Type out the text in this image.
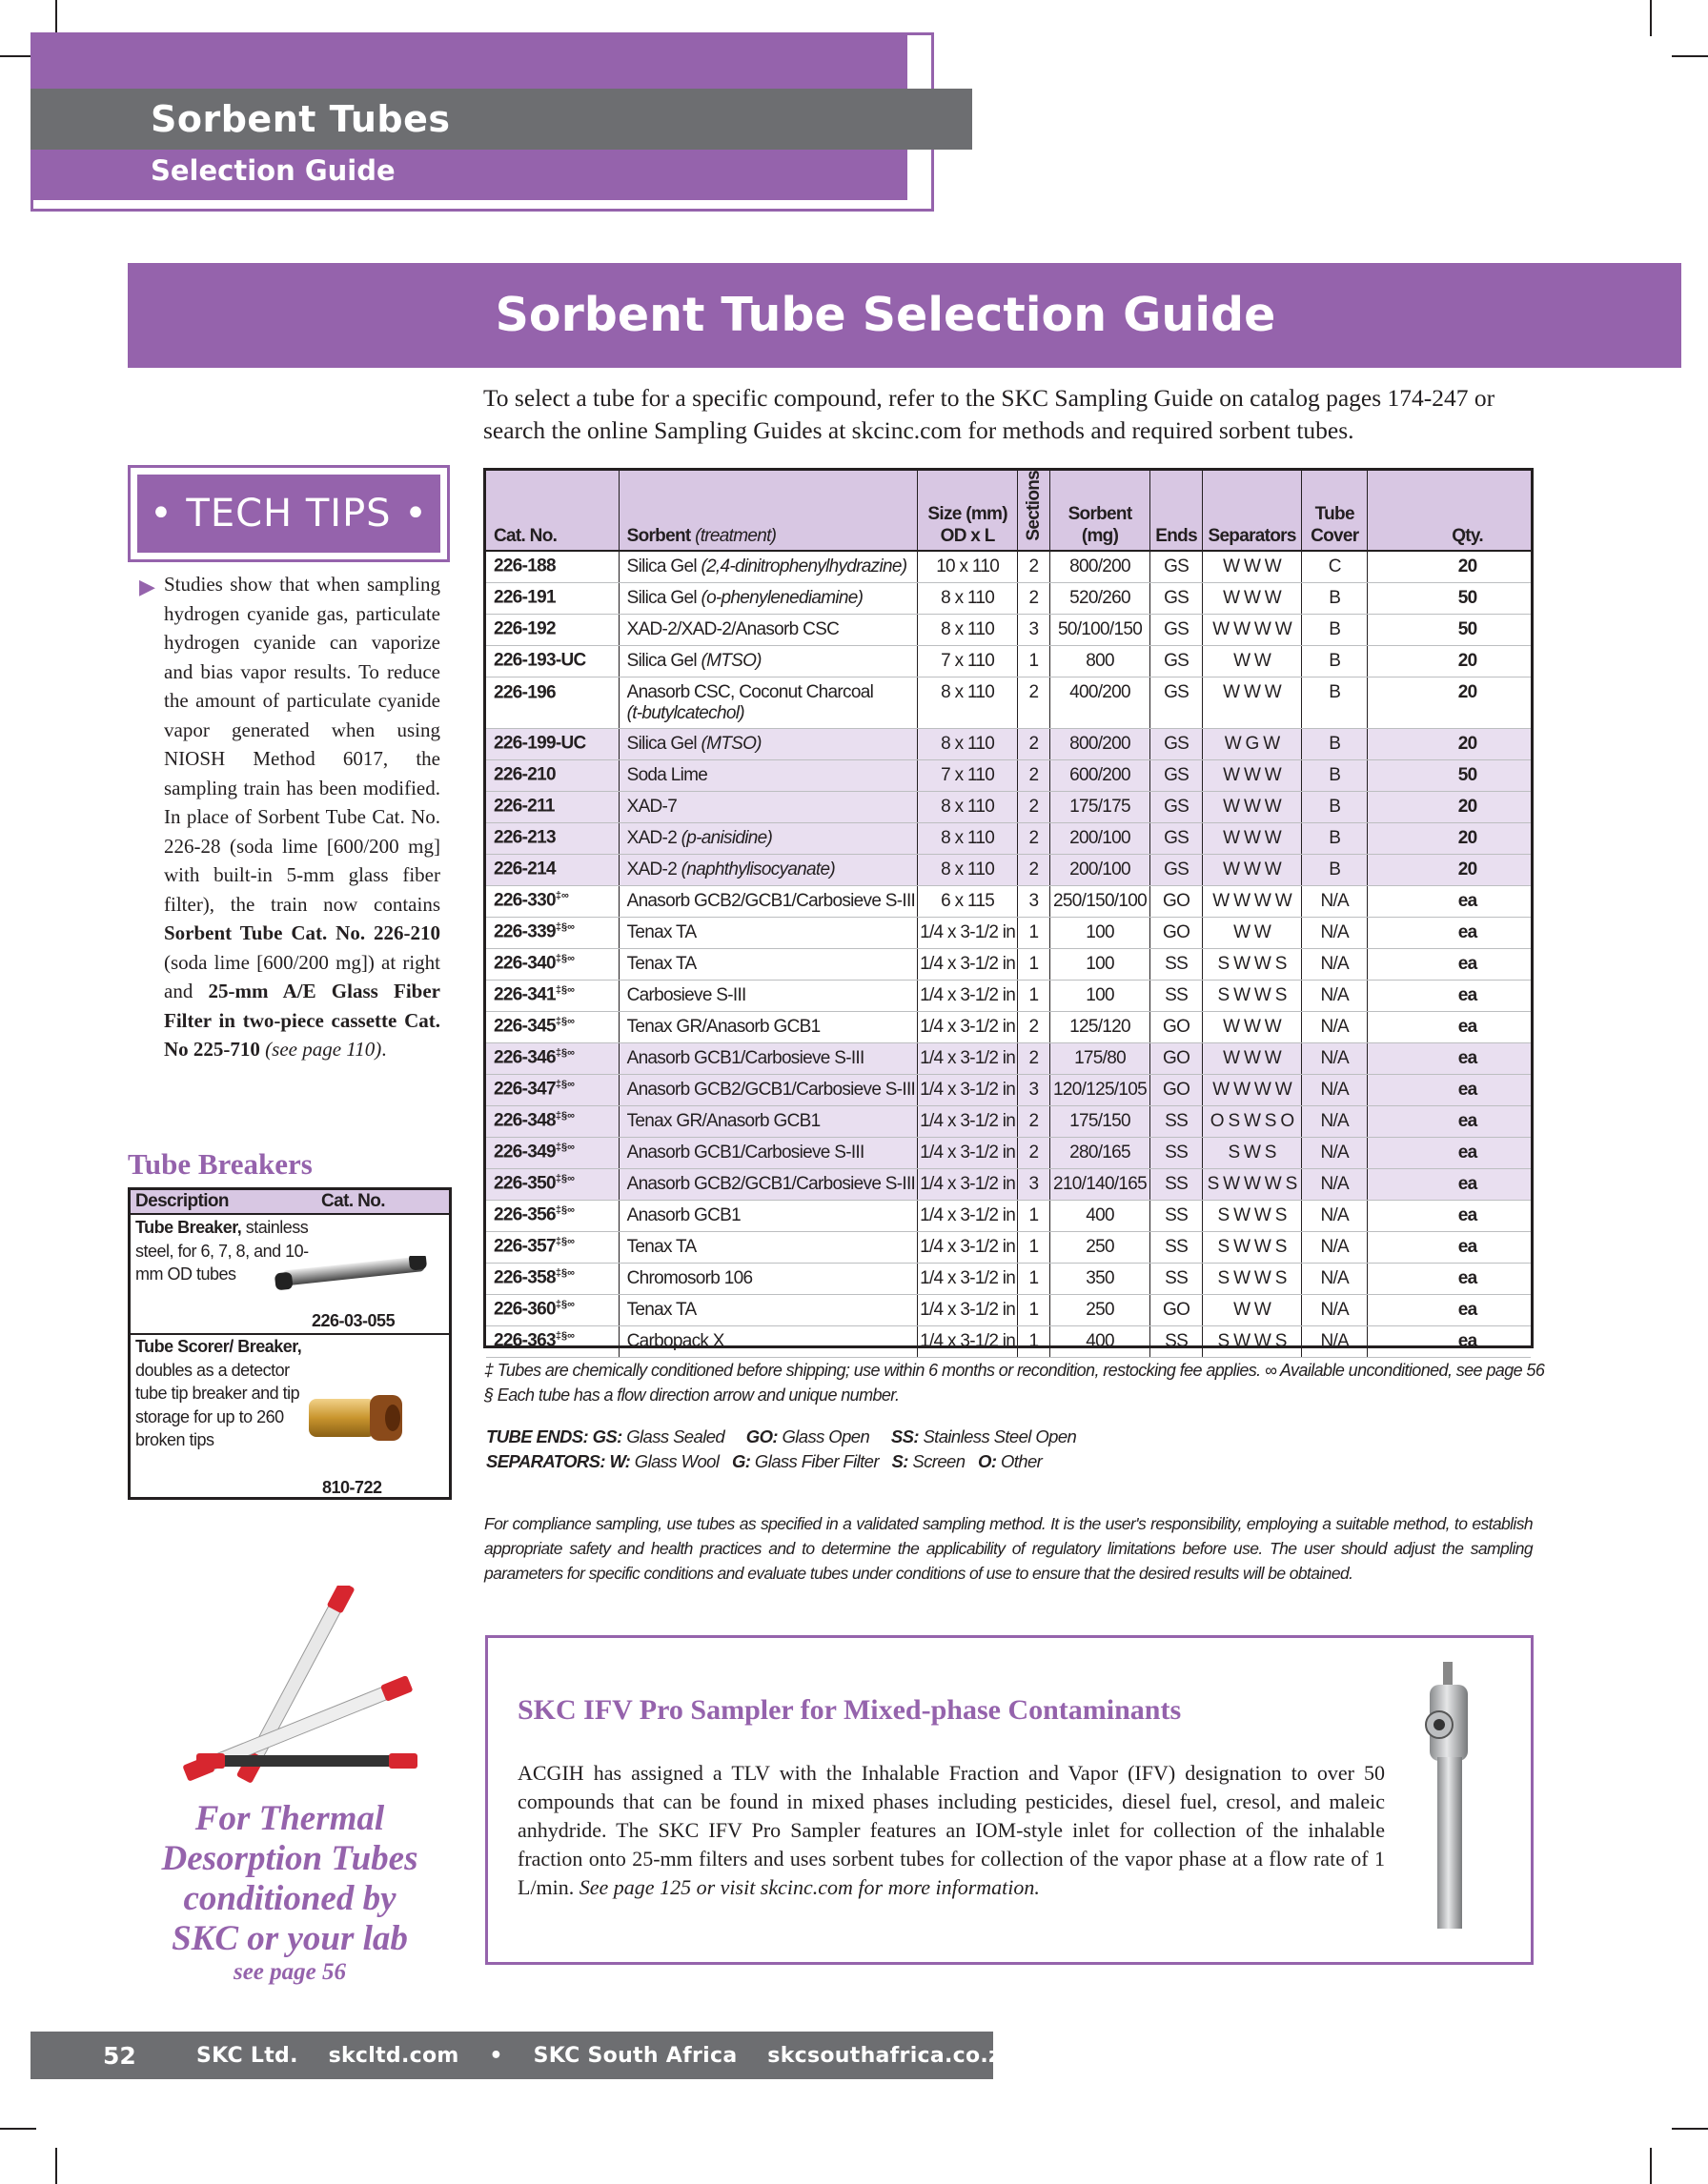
Sorbent Tubes
Selection Guide
Sorbent Tube Selection Guide
To select a tube for a specific compound, refer to the SKC Sampling Guide on catalog pages 174-247 or search the online Sampling Guides at skcinc.com for methods and required sorbent tubes.
• TECH TIPS •
▶ Studies show that when sampling hydrogen cyanide gas, particulate hydrogen cyanide can vaporize and bias vapor results. To reduce the amount of particulate cyanide vapor generated when using NIOSH Method 6017, the sampling train has been modified. In place of Sorbent Tube Cat. No. 226-28 (soda lime [600/200 mg] with built-in 5-mm glass fiber filter), the train now contains Sorbent Tube Cat. No. 226-210 (soda lime [600/200 mg]) at right and 25-mm A/E Glass Fiber Filter in two-piece cassette Cat. No 225-710 (see page 110).
Tube Breakers
Description	Cat. No.
Tube Breaker, stainless steel, for 6, 7, 8, and 10-mm OD tubes
226-03-055
Tube Scorer/ Breaker, doubles as a detector tube tip breaker and tip storage for up to 260 broken tips
810-722
Cat. No.	Sorbent (treatment)	Size (mm)
OD x L	Sections	Sorbent
(mg)	Ends	Separators	Tube
Cover	Qty.
226-188	Silica Gel (2,4-dinitrophenylhydrazine)	10 x 110	2	800/200	GS	W W W	C	20
226-191	Silica Gel (o-phenylenediamine)	8 x 110	2	520/260	GS	W W W	B	50
226-192	XAD-2/XAD-2/Anasorb CSC	8 x 110	3	50/100/150	GS	W W W W	B	50
226-193-UC	Silica Gel (MTSO)	7 x 110	1	800	GS	W W	B	20
226-196	Anasorb CSC, Coconut Charcoal
(t-butylcatechol)	8 x 110	2	400/200	GS	W W W	B	20
226-199-UC	Silica Gel (MTSO)	8 x 110	2	800/200	GS	W G W	B	20
226-210	Soda Lime	7 x 110	2	600/200	GS	W W W	B	50
226-211	XAD-7	8 x 110	2	175/175	GS	W W W	B	20
226-213	XAD-2 (p-anisidine)	8 x 110	2	200/100	GS	W W W	B	20
226-214	XAD-2 (naphthylisocyanate)	8 x 110	2	200/100	GS	W W W	B	20
226-330‡∞	Anasorb GCB2/GCB1/Carbosieve S-III	6 x 115	3	250/150/100	GO	W W W W	N/A	ea
226-339‡§∞	Tenax TA	1/4 x 3-1/2 in	1	100	GO	W W	N/A	ea
226-340‡§∞	Tenax TA	1/4 x 3-1/2 in	1	100	SS	S W W S	N/A	ea
226-341‡§∞	Carbosieve S-III	1/4 x 3-1/2 in	1	100	SS	S W W S	N/A	ea
226-345‡§∞	Tenax GR/Anasorb GCB1	1/4 x 3-1/2 in	2	125/120	GO	W W W	N/A	ea
226-346‡§∞	Anasorb GCB1/Carbosieve S-III	1/4 x 3-1/2 in	2	175/80	GO	W W W	N/A	ea
226-347‡§∞	Anasorb GCB2/GCB1/Carbosieve S-III	1/4 x 3-1/2 in	3	120/125/105	GO	W W W W	N/A	ea
226-348‡§∞	Tenax GR/Anasorb GCB1	1/4 x 3-1/2 in	2	175/150	SS	O S W S O	N/A	ea
226-349‡§∞	Anasorb GCB1/Carbosieve S-III	1/4 x 3-1/2 in	2	280/165	SS	S W S	N/A	ea
226-350‡§∞	Anasorb GCB2/GCB1/Carbosieve S-III	1/4 x 3-1/2 in	3	210/140/165	SS	S W W W S	N/A	ea
226-356‡§∞	Anasorb GCB1	1/4 x 3-1/2 in	1	400	SS	S W W S	N/A	ea
226-357‡§∞	Tenax TA	1/4 x 3-1/2 in	1	250	SS	S W W S	N/A	ea
226-358‡§∞	Chromosorb 106	1/4 x 3-1/2 in	1	350	SS	S W W S	N/A	ea
226-360‡§∞	Tenax TA	1/4 x 3-1/2 in	1	250	GO	W W	N/A	ea
226-363‡§∞	Carbopack X	1/4 x 3-1/2 in	1	400	SS	S W W S	N/A	ea
‡ Tubes are chemically conditioned before shipping; use within 6 months or recondition, restocking fee applies. ∞ Available unconditioned, see page 56
§ Each tube has a flow direction arrow and unique number.
TUBE ENDS: GS: Glass Sealed     GO: Glass Open     SS: Stainless Steel Open
SEPARATORS: W: Glass Wool   G: Glass Fiber Filter   S: Screen   O: Other
For compliance sampling, use tubes as specified in a validated sampling method. It is the user's responsibility, employing a suitable method, to establish appropriate safety and health practices and to determine the applicability of regulatory limitations before use. The user should adjust the sampling parameters for specific conditions and evaluate tubes under conditions of use to ensure that the desired results will be obtained.
SKC IFV Pro Sampler for Mixed-phase Contaminants
ACGIH has assigned a TLV with the Inhalable Fraction and Vapor (IFV) designation to over 50 compounds that can be found in mixed phases including pesticides, diesel fuel, cresol, and maleic anhydride. The SKC IFV Pro Sampler features an IOM-style inlet for collection of the inhalable fraction onto 25-mm filters and uses sorbent tubes for collection of the vapor phase at a flow rate of 1 L/min. See page 125 or visit skcinc.com for more information.
For Thermal
Desorption Tubes
conditioned by
SKC or your lab
see page 56
52	SKC Ltd.    skcltd.com    •    SKC South Africa    skcsouthafrica.co.za
